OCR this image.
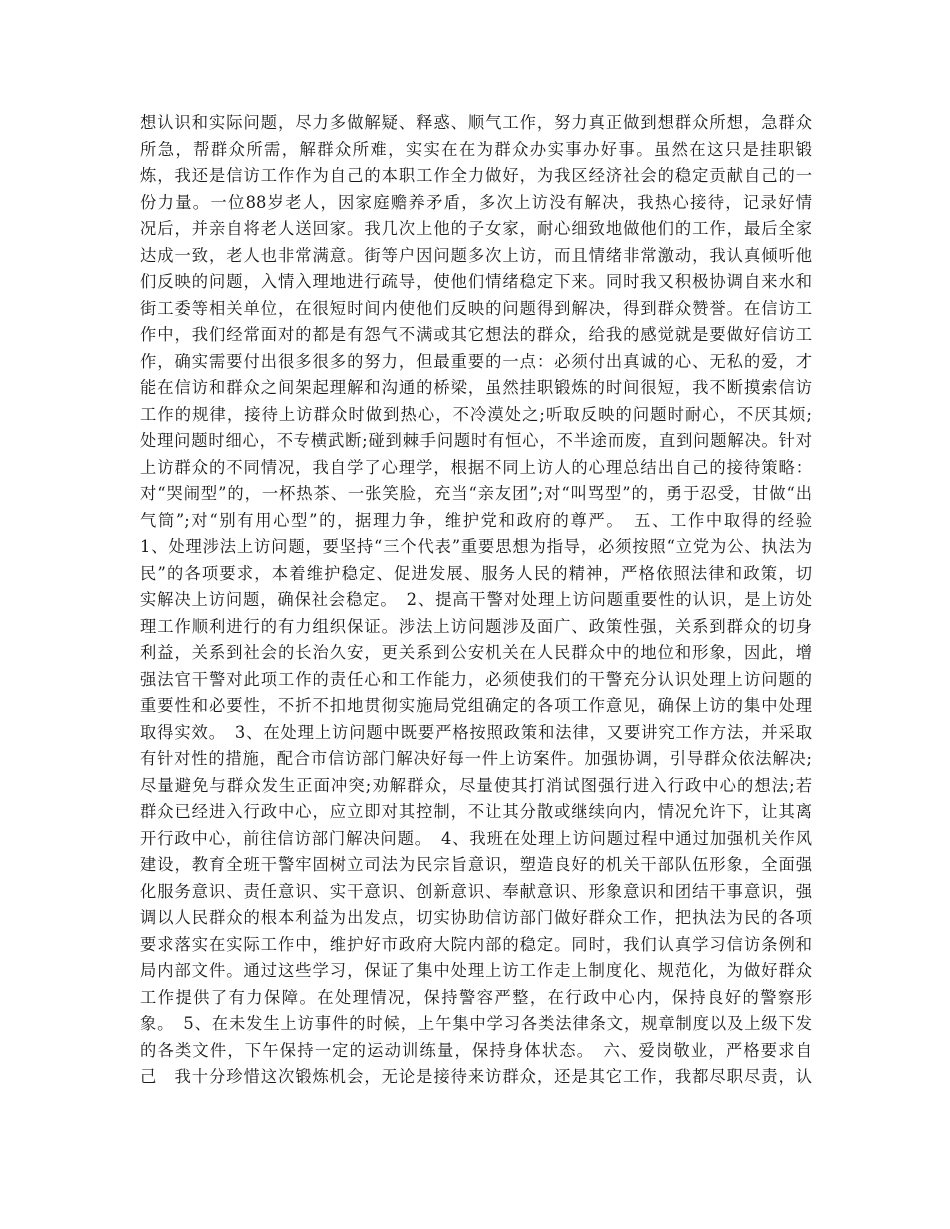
想认识和实际问题，尽力多做解疑、释惑、顺气工作，努力真正做到想群众所想，急群众
所急，帮群众所需，解群众所难，实实在在为群众办实事办好事。虽然在这只是挂职锻
炼，我还是信访工作作为自己的本职工作全力做好，为我区经济社会的稳定贡献自己的一
份力量。一位88岁老人，因家庭赡养矛盾，多次上访没有解决，我热心接待，记录好情
况后，并亲自将老人送回家。我几次上他的子女家，耐心细致地做他们的工作，最后全家
达成一致，老人也非常满意。街等户因问题多次上访，而且情绪非常激动，我认真倾听他
们反映的问题，入情入理地进行疏导，使他们情绪稳定下来。同时我又积极协调自来水和
街工委等相关单位，在很短时间内使他们反映的问题得到解决，得到群众赞誉。在信访工
作中，我们经常面对的都是有怨气不满或其它想法的群众，给我的感觉就是要做好信访工
作，确实需要付出很多很多的努力，但最重要的一点：必须付出真诚的心、无私的爱，才
能在信访和群众之间架起理解和沟通的桥梁，虽然挂职锻炼的时间很短，我不断摸索信访
工作的规律，接待上访群众时做到热心，不冷漠处之;听取反映的问题时耐心，不厌其烦;
处理问题时细心，不专横武断;碰到棘手问题时有恒心，不半途而废，直到问题解决。针对
上访群众的不同情况，我自学了心理学，根据不同上访人的心理总结出自己的接待策略：
对“哭闹型”的，一杯热茶、一张笑脸，充当“亲友团”;对“叫骂型”的，勇于忍受，甘做“出
气筒”;对“别有用心型”的，据理力争，维护党和政府的尊严。　五、工作中取得的经验
1、处理涉法上访问题，要坚持“三个代表”重要思想为指导，必须按照“立党为公、执法为
民”的各项要求，本着维护稳定、促进发展、服务人民的精神，严格依照法律和政策，切
实解决上访问题，确保社会稳定。　2、提高干警对处理上访问题重要性的认识，是上访处
理工作顺利进行的有力组织保证。涉法上访问题涉及面广、政策性强，关系到群众的切身
利益，关系到社会的长治久安，更关系到公安机关在人民群众中的地位和形象，因此，增
强法官干警对此项工作的责任心和工作能力，必须使我们的干警充分认识处理上访问题的
重要性和必要性，不折不扣地贯彻实施局党组确定的各项工作意见，确保上访的集中处理
取得实效。　3、在处理上访问题中既要严格按照政策和法律，又要讲究工作方法，并采取
有针对性的措施，配合市信访部门解决好每一件上访案件。加强协调，引导群众依法解决;
尽量避免与群众发生正面冲突;劝解群众，尽量使其打消试图强行进入行政中心的想法;若
群众已经进入行政中心，应立即对其控制，不让其分散或继续向内，情况允许下，让其离
开行政中心，前往信访部门解决问题。　4、我班在处理上访问题过程中通过加强机关作风
建设，教育全班干警牢固树立司法为民宗旨意识，塑造良好的机关干部队伍形象，全面强
化服务意识、责任意识、实干意识、创新意识、奉献意识、形象意识和团结干事意识，强
调以人民群众的根本利益为出发点，切实协助信访部门做好群众工作，把执法为民的各项
要求落实在实际工作中，维护好市政府大院内部的稳定。同时，我们认真学习信访条例和
局内部文件。通过这些学习，保证了集中处理上访工作走上制度化、规范化，为做好群众
工作提供了有力保障。在处理情况，保持警容严整，在行政中心内，保持良好的警察形
象。　5、在未发生上访事件的时候，上午集中学习各类法律条文，规章制度以及上级下发
的各类文件，下午保持一定的运动训练量，保持身体状态。　六、爱岗敬业，严格要求自
己　我十分珍惜这次锻炼机会，无论是接待来访群众，还是其它工作，我都尽职尽责，认
